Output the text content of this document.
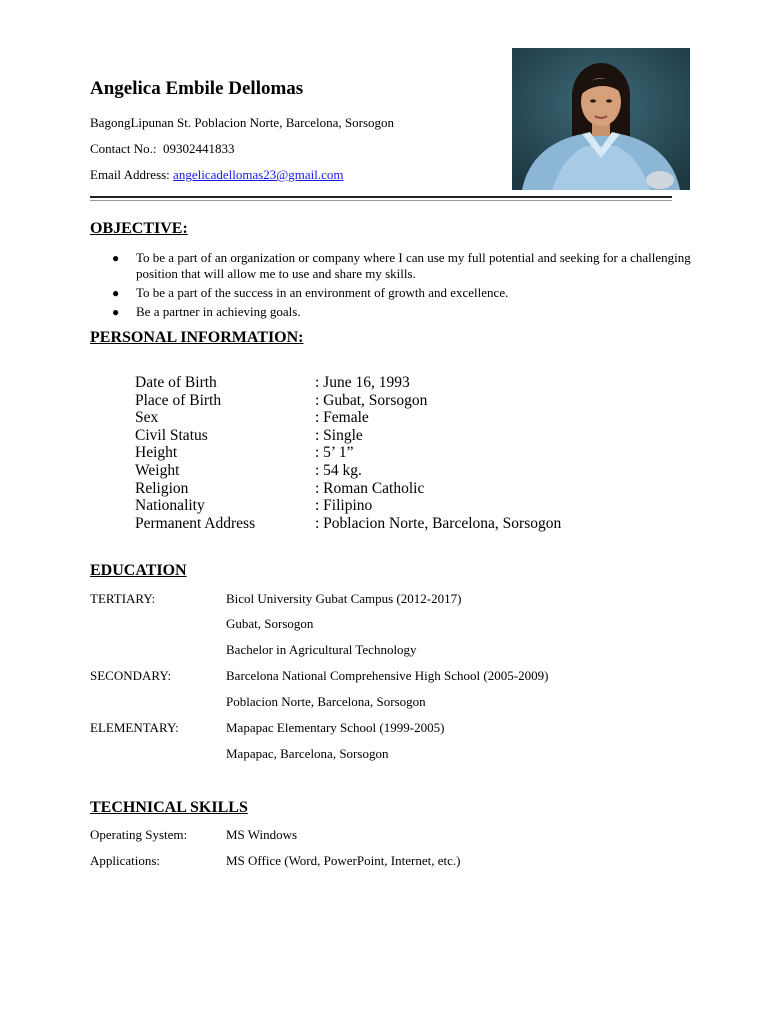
Angelica Embile Dellomas
BagongLipunan St. Poblacion Norte, Barcelona, Sorsogon
Contact No.: 09302441833
Email Address: angelicadellomas23@gmail.com
OBJECTIVE:
● To be a part of an organization or company where I can use my full potential and seeking for a challenging position that will allow me to use and share my skills.
● To be a part of the success in an environment of growth and excellence.
● Be a partner in achieving goals.
PERSONAL INFORMATION:
Date of Birth	: June 16, 1993
Place of Birth	: Gubat, Sorsogon
Sex	: Female
Civil Status	: Single
Height	: 5’ 1”
Weight	: 54 kg.
Religion	: Roman Catholic
Nationality	: Filipino
Permanent Address	: Poblacion Norte, Barcelona, Sorsogon
EDUCATION
TERTIARY:	Bicol University Gubat Campus (2012-2017)
Gubat, Sorsogon
Bachelor in Agricultural Technology
SECONDARY:	Barcelona National Comprehensive High School (2005-2009)
Poblacion Norte, Barcelona, Sorsogon
ELEMENTARY:	Mapapac Elementary School (1999-2005)
Mapapac, Barcelona, Sorsogon
TECHNICAL SKILLS
Operating System:	MS Windows
Applications:	MS Office (Word, PowerPoint, Internet, etc.)
